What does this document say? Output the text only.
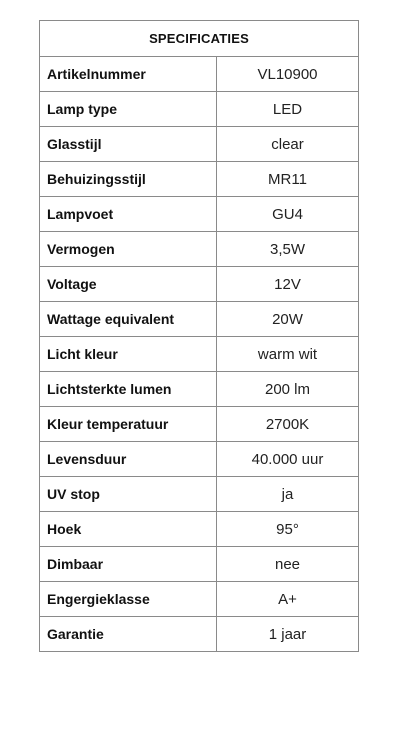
SPECIFICATIES	
Artikelnummer	VL10900
Lamp type	LED
Glasstijl	clear
Behuizingsstijl	MR11
Lampvoet	GU4
Vermogen	3,5W
Voltage	12V
Wattage equivalent	20W
Licht kleur	warm wit
Lichtsterkte lumen	200 lm
Kleur temperatuur	2700K
Levensduur	40.000 uur
UV stop	ja
Hoek	95°
Dimbaar	nee
Engergieklasse	A+
Garantie	1 jaar
